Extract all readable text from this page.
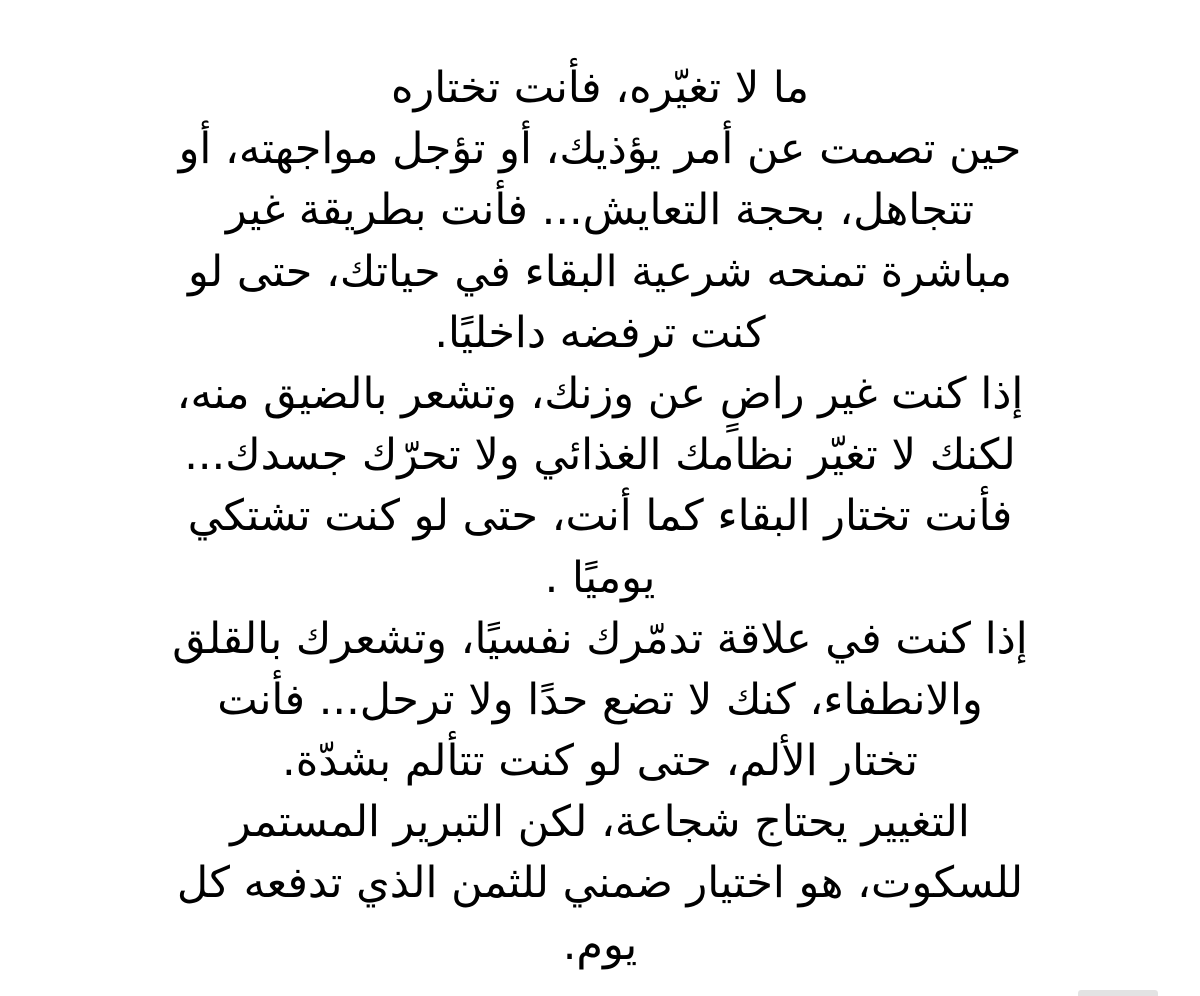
ما لا تغيّره، فأنت تختاره
حين تصمت عن أمر يؤذيك، أو تؤجل مواجهته، أو
تتجاهل، بحجة التعايش... فأنت بطريقة غير
مباشرة تمنحه شرعية البقاء في حياتك، حتى لو
كنت ترفضه داخليًا.
إذا كنت غير راضٍ عن وزنك، وتشعر بالضيق منه،
لكنك لا تغيّر نظامك الغذائي ولا تحرّك جسدك...
فأنت تختار البقاء كما أنت، حتى لو كنت تشتكي
يوميًا .
إذا كنت في علاقة تدمّرك نفسيًا، وتشعرك بالقلق
والانطفاء، كنك لا تضع حدًا ولا ترحل... فأنت
تختار الألم، حتى لو كنت تتألم بشدّة.
التغيير يحتاج شجاعة، لكن التبرير المستمر
للسكوت، هو اختيار ضمني للثمن الذي تدفعه كل
يوم.
